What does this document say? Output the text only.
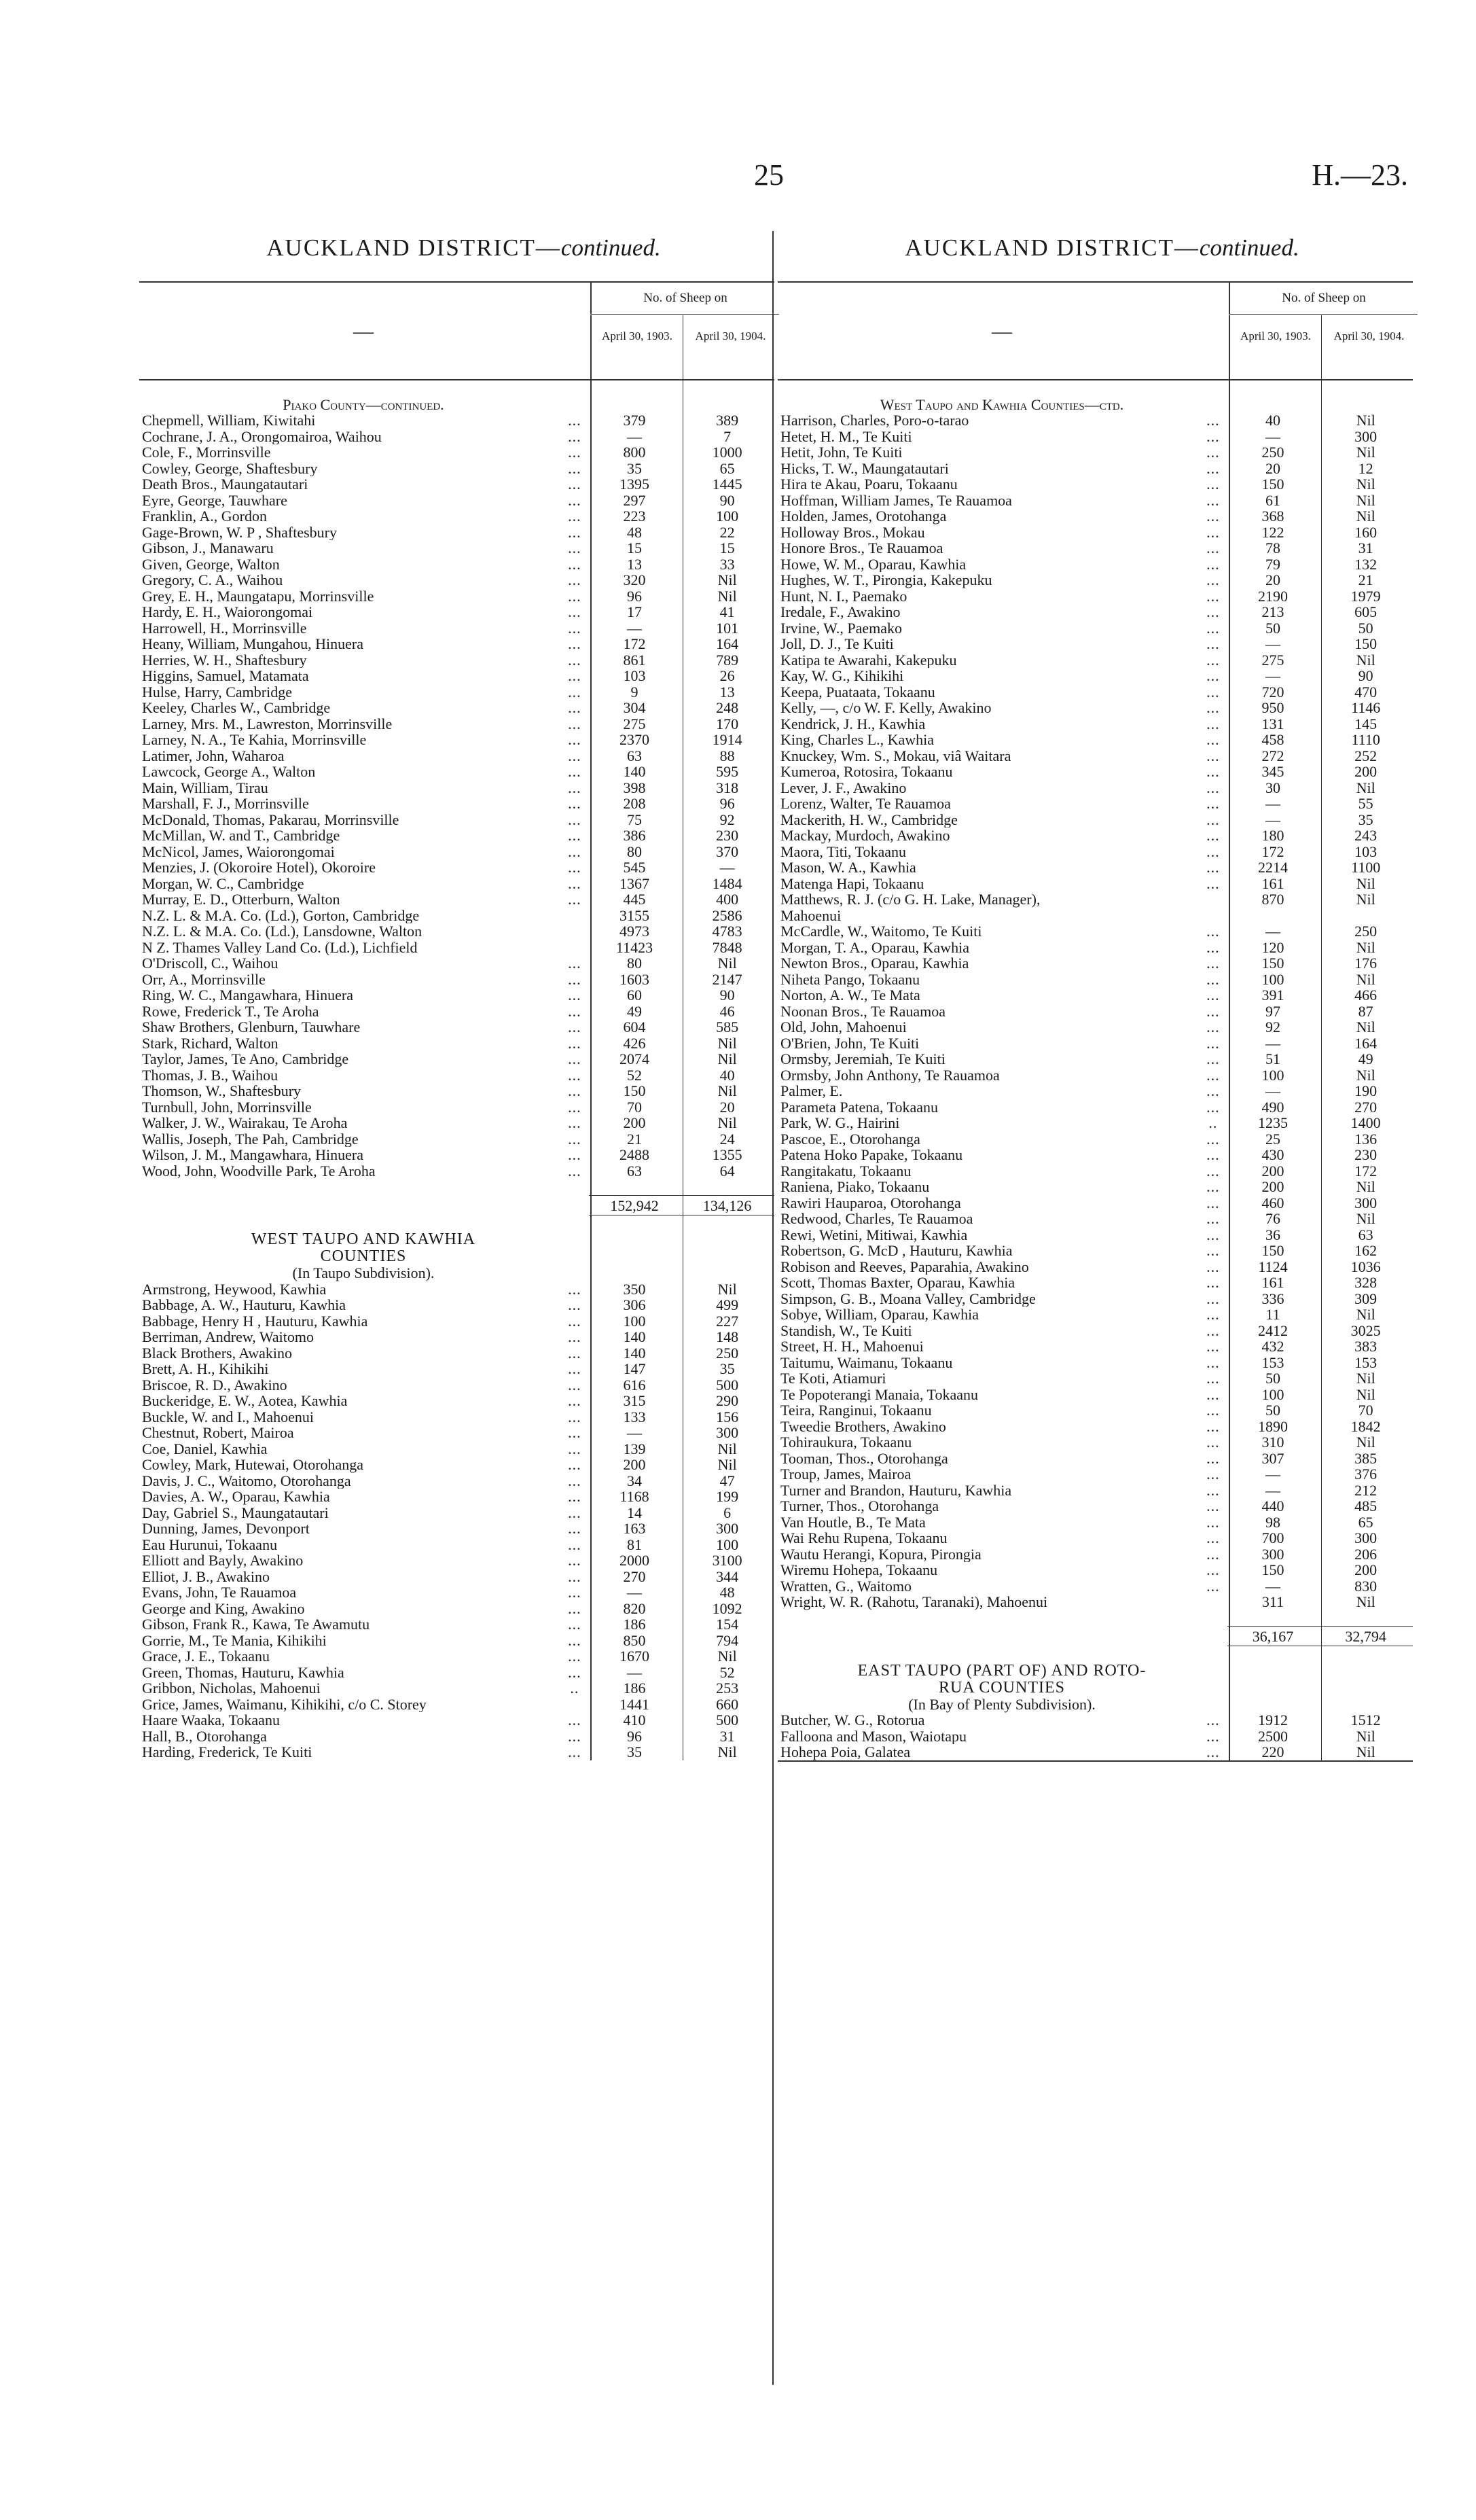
25	H.—23.
AUCKLAND DISTRICT—continued.
—
No. of Sheep on
April 30, 1903.	April 30, 1904.
Piako County—continued.
Chepmell, William, Kiwitahi	...	379	389
Cochrane, J. A., Orongomairoa, Waihou	...	—	7
Cole, F., Morrinsville	...	800	1000
Cowley, George, Shaftesbury	...	35	65
Death Bros., Maungatautari	...	1395	1445
Eyre, George, Tauwhare	...	297	90
Franklin, A., Gordon	...	223	100
Gage-Brown, W. P , Shaftesbury	...	48	22
Gibson, J., Manawaru	...	15	15
Given, George, Walton	...	13	33
Gregory, C. A., Waihou	...	320	Nil
Grey, E. H., Maungatapu, Morrinsville	...	96	Nil
Hardy, E. H., Waiorongomai	...	17	41
Harrowell, H., Morrinsville	...	—	101
Heany, William, Mungahou, Hinuera	...	172	164
Herries, W. H., Shaftesbury	...	861	789
Higgins, Samuel, Matamata	...	103	26
Hulse, Harry, Cambridge	...	9	13
Keeley, Charles W., Cambridge	...	304	248
Larney, Mrs. M., Lawreston, Morrinsville	...	275	170
Larney, N. A., Te Kahia, Morrinsville	...	2370	1914
Latimer, John, Waharoa	...	63	88
Lawcock, George A., Walton	...	140	595
Main, William, Tirau	...	398	318
Marshall, F. J., Morrinsville	...	208	96
McDonald, Thomas, Pakarau, Morrinsville	...	75	92
McMillan, W. and T., Cambridge	...	386	230
McNicol, James, Waiorongomai	...	80	370
Menzies, J. (Okoroire Hotel), Okoroire	...	545	—
Morgan, W. C., Cambridge	...	1367	1484
Murray, E. D., Otterburn, Walton	...	445	400
N.Z. L. & M.A. Co. (Ld.), Gorton, Cambridge	3155	2586
N.Z. L. & M.A. Co. (Ld.), Lansdowne, Walton	4973	4783
N Z. Thames Valley Land Co. (Ld.), Lichfield	11423	7848
O'Driscoll, C., Waihou	...	80	Nil
Orr, A., Morrinsville	...	1603	2147
Ring, W. C., Mangawhara, Hinuera	...	60	90
Rowe, Frederick T., Te Aroha	...	49	46
Shaw Brothers, Glenburn, Tauwhare	...	604	585
Stark, Richard, Walton	...	426	Nil
Taylor, James, Te Ano, Cambridge	...	2074	Nil
Thomas, J. B., Waihou	...	52	40
Thomson, W., Shaftesbury	...	150	Nil
Turnbull, John, Morrinsville	...	70	20
Walker, J. W., Wairakau, Te Aroha	...	200	Nil
Wallis, Joseph, The Pah, Cambridge	...	21	24
Wilson, J. M., Mangawhara, Hinuera	...	2488	1355
Wood, John, Woodville Park, Te Aroha	...	63	64
152,942	134,126
WEST TAUPO AND KAWHIA
COUNTIES
(In Taupo Subdivision).
Armstrong, Heywood, Kawhia	...	350	Nil
Babbage, A. W., Hauturu, Kawhia	...	306	499
Babbage, Henry H , Hauturu, Kawhia	...	100	227
Berriman, Andrew, Waitomo	...	140	148
Black Brothers, Awakino	...	140	250
Brett, A. H., Kihikihi	...	147	35
Briscoe, R. D., Awakino	...	616	500
Buckeridge, E. W., Aotea, Kawhia	...	315	290
Buckle, W. and I., Mahoenui	...	133	156
Chestnut, Robert, Mairoa	...	—	300
Coe, Daniel, Kawhia	...	139	Nil
Cowley, Mark, Hutewai, Otorohanga	...	200	Nil
Davis, J. C., Waitomo, Otorohanga	...	34	47
Davies, A. W., Oparau, Kawhia	...	1168	199
Day, Gabriel S., Maungatautari	...	14	6
Dunning, James, Devonport	...	163	300
Eau Hurunui, Tokaanu	...	81	100
Elliott and Bayly, Awakino	...	2000	3100
Elliot, J. B., Awakino	...	270	344
Evans, John, Te Rauamoa	...	—	48
George and King, Awakino	...	820	1092
Gibson, Frank R., Kawa, Te Awamutu	...	186	154
Gorrie, M., Te Mania, Kihikihi	...	850	794
Grace, J. E., Tokaanu	...	1670	Nil
Green, Thomas, Hauturu, Kawhia	...	—	52
Gribbon, Nicholas, Mahoenui	..	186	253
Grice, James, Waimanu, Kihikihi, c/o C. Storey	1441	660
Haare Waaka, Tokaanu	...	410	500
Hall, B., Otorohanga	...	96	31
Harding, Frederick, Te Kuiti	...	35	Nil
AUCKLAND DISTRICT—continued.
—
No. of Sheep on
April 30, 1903.	April 30, 1904.
West Taupo and Kawhia Counties—ctd.
Harrison, Charles, Poro-o-tarao	...	40	Nil
Hetet, H. M., Te Kuiti	...	—	300
Hetit, John, Te Kuiti	...	250	Nil
Hicks, T. W., Maungatautari	...	20	12
Hira te Akau, Poaru, Tokaanu	...	150	Nil
Hoffman, William James, Te Rauamoa	...	61	Nil
Holden, James, Orotohanga	...	368	Nil
Holloway Bros., Mokau	...	122	160
Honore Bros., Te Rauamoa	...	78	31
Howe, W. M., Oparau, Kawhia	...	79	132
Hughes, W. T., Pirongia, Kakepuku	...	20	21
Hunt, N. I., Paemako	...	2190	1979
Iredale, F., Awakino	...	213	605
Irvine, W., Paemako	...	50	50
Joll, D. J., Te Kuiti	...	—	150
Katipa te Awarahi, Kakepuku	...	275	Nil
Kay, W. G., Kihikihi	...	—	90
Keepa, Puataata, Tokaanu	...	720	470
Kelly, —, c/o W. F. Kelly, Awakino	...	950	1146
Kendrick, J. H., Kawhia	...	131	145
King, Charles L., Kawhia	...	458	1110
Knuckey, Wm. S., Mokau, viâ Waitara	...	272	252
Kumeroa, Rotosira, Tokaanu	...	345	200
Lever, J. F., Awakino	...	30	Nil
Lorenz, Walter, Te Rauamoa	...	—	55
Mackerith, H. W., Cambridge	...	—	35
Mackay, Murdoch, Awakino	...	180	243
Maora, Titi, Tokaanu	...	172	103
Mason, W. A., Kawhia	...	2214	1100
Matenga Hapi, Tokaanu	...	161	Nil
Matthews, R. J. (c/o G. H. Lake, Manager),	870	Nil
Mahoenui
McCardle, W., Waitomo, Te Kuiti	...	—	250
Morgan, T. A., Oparau, Kawhia	...	120	Nil
Newton Bros., Oparau, Kawhia	...	150	176
Niheta Pango, Tokaanu	...	100	Nil
Norton, A. W., Te Mata	...	391	466
Noonan Bros., Te Rauamoa	...	97	87
Old, John, Mahoenui	...	92	Nil
O'Brien, John, Te Kuiti	...	—	164
Ormsby, Jeremiah, Te Kuiti	...	51	49
Ormsby, John Anthony, Te Rauamoa	...	100	Nil
Palmer, E.	...	—	190
Parameta Patena, Tokaanu	...	490	270
Park, W. G., Hairini	..	1235	1400
Pascoe, E., Otorohanga	...	25	136
Patena Hoko Papake, Tokaanu	...	430	230
Rangitakatu, Tokaanu	...	200	172
Raniena, Piako, Tokaanu	...	200	Nil
Rawiri Hauparoa, Otorohanga	...	460	300
Redwood, Charles, Te Rauamoa	...	76	Nil
Rewi, Wetini, Mitiwai, Kawhia	...	36	63
Robertson, G. McD , Hauturu, Kawhia	...	150	162
Robison and Reeves, Paparahia, Awakino	...	1124	1036
Scott, Thomas Baxter, Oparau, Kawhia	...	161	328
Simpson, G. B., Moana Valley, Cambridge	...	336	309
Sobye, William, Oparau, Kawhia	...	11	Nil
Standish, W., Te Kuiti	...	2412	3025
Street, H. H., Mahoenui	...	432	383
Taitumu, Waimanu, Tokaanu	...	153	153
Te Koti, Atiamuri	...	50	Nil
Te Popoterangi Manaia, Tokaanu	...	100	Nil
Teira, Ranginui, Tokaanu	...	50	70
Tweedie Brothers, Awakino	...	1890	1842
Tohiraukura, Tokaanu	...	310	Nil
Tooman, Thos., Otorohanga	...	307	385
Troup, James, Mairoa	...	—	376
Turner and Brandon, Hauturu, Kawhia	...	—	212
Turner, Thos., Otorohanga	...	440	485
Van Houtle, B., Te Mata	...	98	65
Wai Rehu Rupena, Tokaanu	...	700	300
Wautu Herangi, Kopura, Pirongia	...	300	206
Wiremu Hohepa, Tokaanu	...	150	200
Wratten, G., Waitomo	...	—	830
Wright, W. R. (Rahotu, Taranaki), Mahoenui	311	Nil
36,167	32,794
EAST TAUPO (PART OF) AND ROTO-
RUA COUNTIES
(In Bay of Plenty Subdivision).
Butcher, W. G., Rotorua	...	1912	1512
Falloona and Mason, Waiotapu	...	2500	Nil
Hohepa Poia, Galatea	...	220	Nil
